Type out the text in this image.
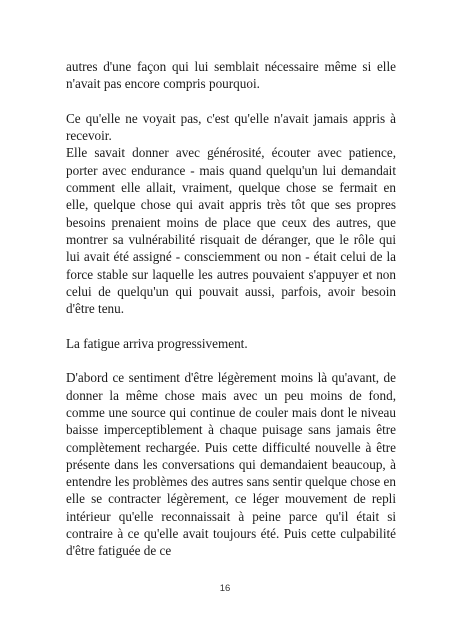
autres d'une façon qui lui semblait nécessaire même si elle n'avait pas encore compris pourquoi.

Ce qu'elle ne voyait pas, c'est qu'elle n'avait jamais appris à recevoir.

Elle savait donner avec générosité, écouter avec patience, porter avec endurance - mais quand quelqu'un lui demandait comment elle allait, vraiment, quelque chose se fermait en elle, quelque chose qui avait appris très tôt que ses propres besoins prenaient moins de place que ceux des autres, que montrer sa vulnérabilité risquait de déranger, que le rôle qui lui avait été assigné - consciemment ou non - était celui de la force stable sur laquelle les autres pouvaient s'appuyer et non celui de quelqu'un qui pouvait aussi, parfois, avoir besoin d'être tenu.

La fatigue arriva progressivement.

D'abord ce sentiment d'être légèrement moins là qu'avant, de donner la même chose mais avec un peu moins de fond, comme une source qui continue de couler mais dont le niveau baisse imperceptiblement à chaque puisage sans jamais être complètement rechargée. Puis cette difficulté nouvelle à être présente dans les conversations qui demandaient beaucoup, à entendre les problèmes des autres sans sentir quelque chose en elle se contracter légèrement, ce léger mouvement de repli intérieur qu'elle reconnaissait à peine parce qu'il était si contraire à ce qu'elle avait toujours été. Puis cette culpabilité d'être fatiguée de ce

16
